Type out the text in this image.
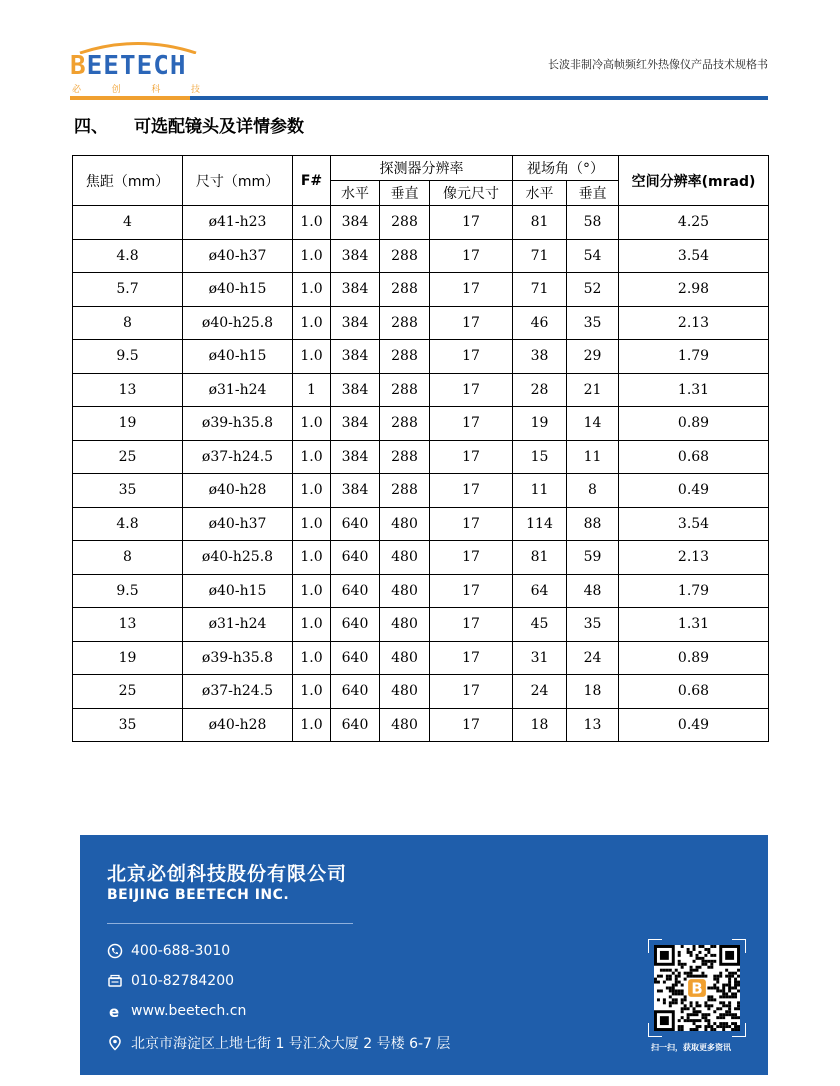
BEETECH
必	创	科	技
长波非制冷高帧频红外热像仪产品技术规格书
四、 可选配镜头及详情参数
焦距（mm）	尺寸（mm）	F#	探测器分辨率			视场角（°）		空间分辨率(mrad)
			水平	垂直	像元尺寸	水平	垂直	
4	ø41-h23	1.0	384	288	17	81	58	4.25
4.8	ø40-h37	1.0	384	288	17	71	54	3.54
5.7	ø40-h15	1.0	384	288	17	71	52	2.98
8	ø40-h25.8	1.0	384	288	17	46	35	2.13
9.5	ø40-h15	1.0	384	288	17	38	29	1.79
13	ø31-h24	1	384	288	17	28	21	1.31
19	ø39-h35.8	1.0	384	288	17	19	14	0.89
25	ø37-h24.5	1.0	384	288	17	15	11	0.68
35	ø40-h28	1.0	384	288	17	11	8	0.49
4.8	ø40-h37	1.0	640	480	17	114	88	3.54
8	ø40-h25.8	1.0	640	480	17	81	59	2.13
9.5	ø40-h15	1.0	640	480	17	64	48	1.79
13	ø31-h24	1.0	640	480	17	45	35	1.31
19	ø39-h35.8	1.0	640	480	17	31	24	0.89
25	ø37-h24.5	1.0	640	480	17	24	18	0.68
35	ø40-h28	1.0	640	480	17	18	13	0.49
北京必创科技股份有限公司
BEIJING BEETECH INC.
400-688-3010
010-82784200
e www.beetech.cn
北京市海淀区上地七街 1 号汇众大厦 2 号楼 6-7 层
B
扫一扫，获取更多资讯
